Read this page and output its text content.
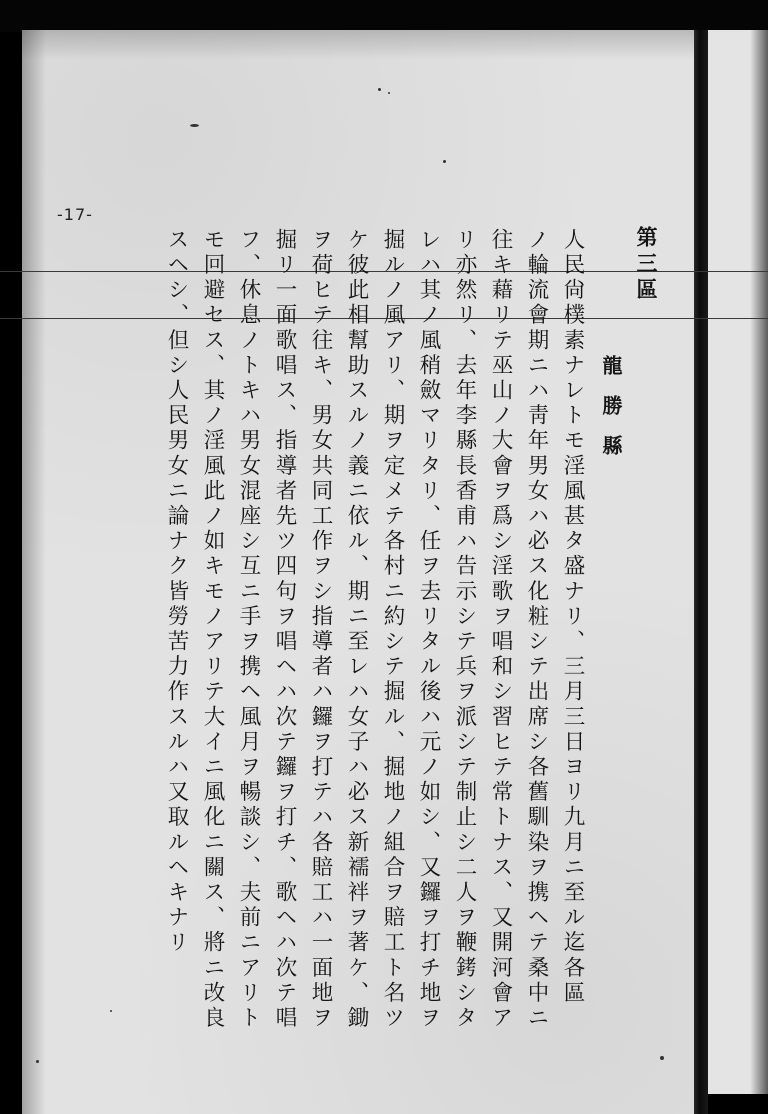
-17-
第三區
龍勝縣
人民尙樸素ナレトモ淫風甚タ盛ナリ、三月三日ヨリ九月ニ至ル迄各區
ノ輪流會期ニハ靑年男女ハ必ス化粧シテ出席シ各舊馴染ヲ携ヘテ桑中ニ
往キ藉リテ巫山ノ大會ヲ爲シ淫歌ヲ唱和シ習ヒテ常トナス、又開河會ア
リ亦然リ、去年李縣長香甫ハ告示シテ兵ヲ派シテ制止シ二人ヲ鞭銬シタ
レハ其ノ風稍斂マリタリ、任ヲ去リタル後ハ元ノ如シ、又鑼ヲ打チ地ヲ
掘ルノ風アリ、期ヲ定メテ各村ニ約シテ掘ル、掘地ノ組合ヲ賠工ト名ツ
ケ彼此相幫助スルノ義ニ依ル、期ニ至レハ女子ハ必ス新襦袢ヲ著ケ、鋤
ヲ荷ヒテ往キ、男女共同工作ヲシ指導者ハ鑼ヲ打テハ各賠工ハ一面地ヲ
掘リ一面歌唱ス、指導者先ツ四句ヲ唱ヘハ次テ鑼ヲ打チ、歌ヘハ次テ唱
フ、休息ノトキハ男女混座シ互ニ手ヲ携ヘ風月ヲ暢談シ、夫前ニアリト
モ回避セス、其ノ淫風此ノ如キモノアリテ大イニ風化ニ關ス、將ニ改良
スヘシ、但シ人民男女ニ論ナク皆勞苦力作スルハ又取ルヘキナリ
